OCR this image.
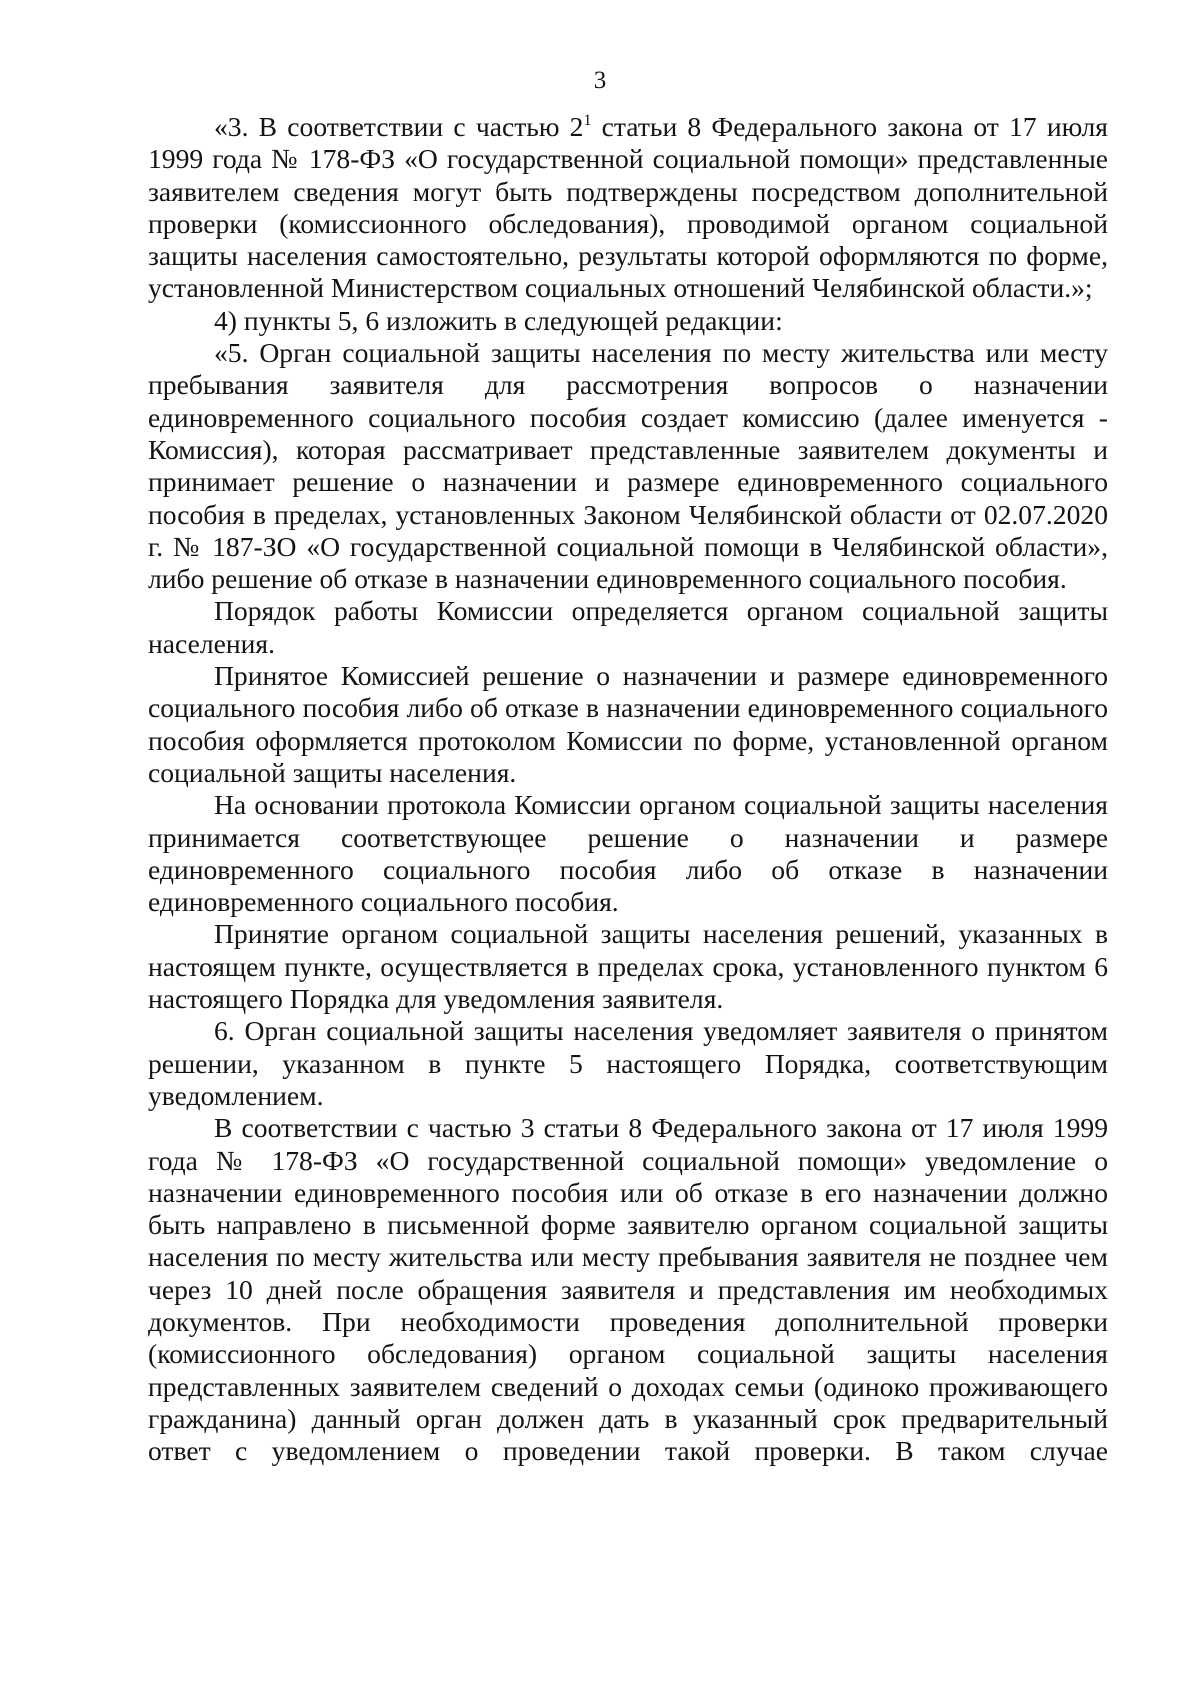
3

«3. В соответствии с частью 2$^1$ статьи 8 Федерального закона от 17 июля 1999 года № 178-ФЗ «О государственной социальной помощи» представленные заявителем сведения могут быть подтверждены посредством дополнительной проверки (комиссионного обследования), проводимой органом социальной защиты населения самостоятельно, результаты которой оформляются по форме, установленной Министерством социальных отношений Челябинской области.»;

4) пункты 5, 6 изложить в следующей редакции:

«5. Орган социальной защиты населения по месту жительства или месту пребывания заявителя для рассмотрения вопросов о назначении единовременного социального пособия создает комиссию (далее именуется - Комиссия), которая рассматривает представленные заявителем документы и принимает решение о назначении и размере единовременного социального пособия в пределах, установленных Законом Челябинской области от 02.07.2020 г. № 187-ЗО «О государственной социальной помощи в Челябинской области», либо решение об отказе в назначении единовременного социального пособия.

Порядок работы Комиссии определяется органом социальной защиты населения.

Принятое Комиссией решение о назначении и размере единовременного социального пособия либо об отказе в назначении единовременного социального пособия оформляется протоколом Комиссии по форме, установленной органом социальной защиты населения.

На основании протокола Комиссии органом социальной защиты населения принимается соответствующее решение о назначении и размере единовременного социального пособия либо об отказе в назначении единовременного социального пособия.

Принятие органом социальной защиты населения решений, указанных в настоящем пункте, осуществляется в пределах срока, установленного пунктом 6 настоящего Порядка для уведомления заявителя.

6. Орган социальной защиты населения уведомляет заявителя о принятом решении, указанном в пункте 5 настоящего Порядка, соответствующим уведомлением.

В соответствии с частью 3 статьи 8 Федерального закона от 17 июля 1999 года № 178-ФЗ «О государственной социальной помощи» уведомление о назначении единовременного пособия или об отказе в его назначении должно быть направлено в письменной форме заявителю органом социальной защиты населения по месту жительства или месту пребывания заявителя не позднее чем через 10 дней после обращения заявителя и представления им необходимых документов. При необходимости проведения дополнительной проверки (комиссионного обследования) органом социальной защиты населения представленных заявителем сведений о доходах семьи (одиноко проживающего гражданина) данный орган должен дать в указанный срок предварительный ответ с уведомлением о проведении такой проверки. В таком случае
